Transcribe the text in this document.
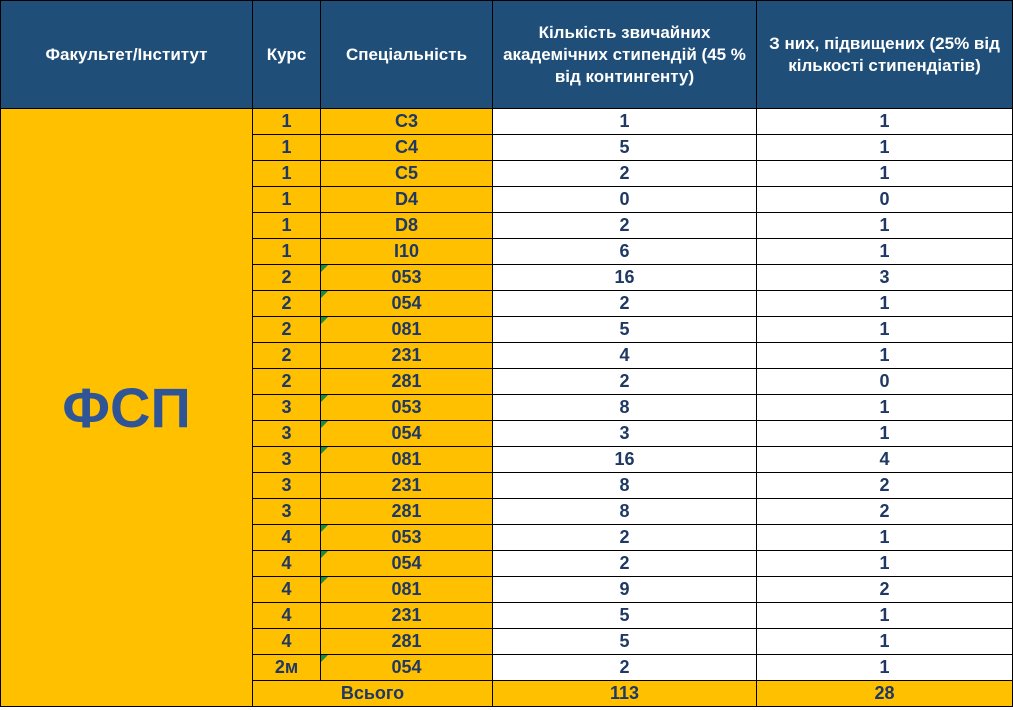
Факультет/Інститут	Курс	Спеціальність	Кількість звичайних академічних стипендій (45 % від контингенту)	З них, підвищених (25% від кількості стипендіатів)
ФСП	1	C3	1	1
	1	C4	5	1
	1	C5	2	1
	1	D4	0	0
	1	D8	2	1
	1	I10	6	1
	2	053	16	3
	2	054	2	1
	2	081	5	1
	2	231	4	1
	2	281	2	0
	3	053	8	1
	3	054	3	1
	3	081	16	4
	3	231	8	2
	3	281	8	2
	4	053	2	1
	4	054	2	1
	4	081	9	2
	4	231	5	1
	4	281	5	1
	2м	054	2	1
	Всього		113	28
